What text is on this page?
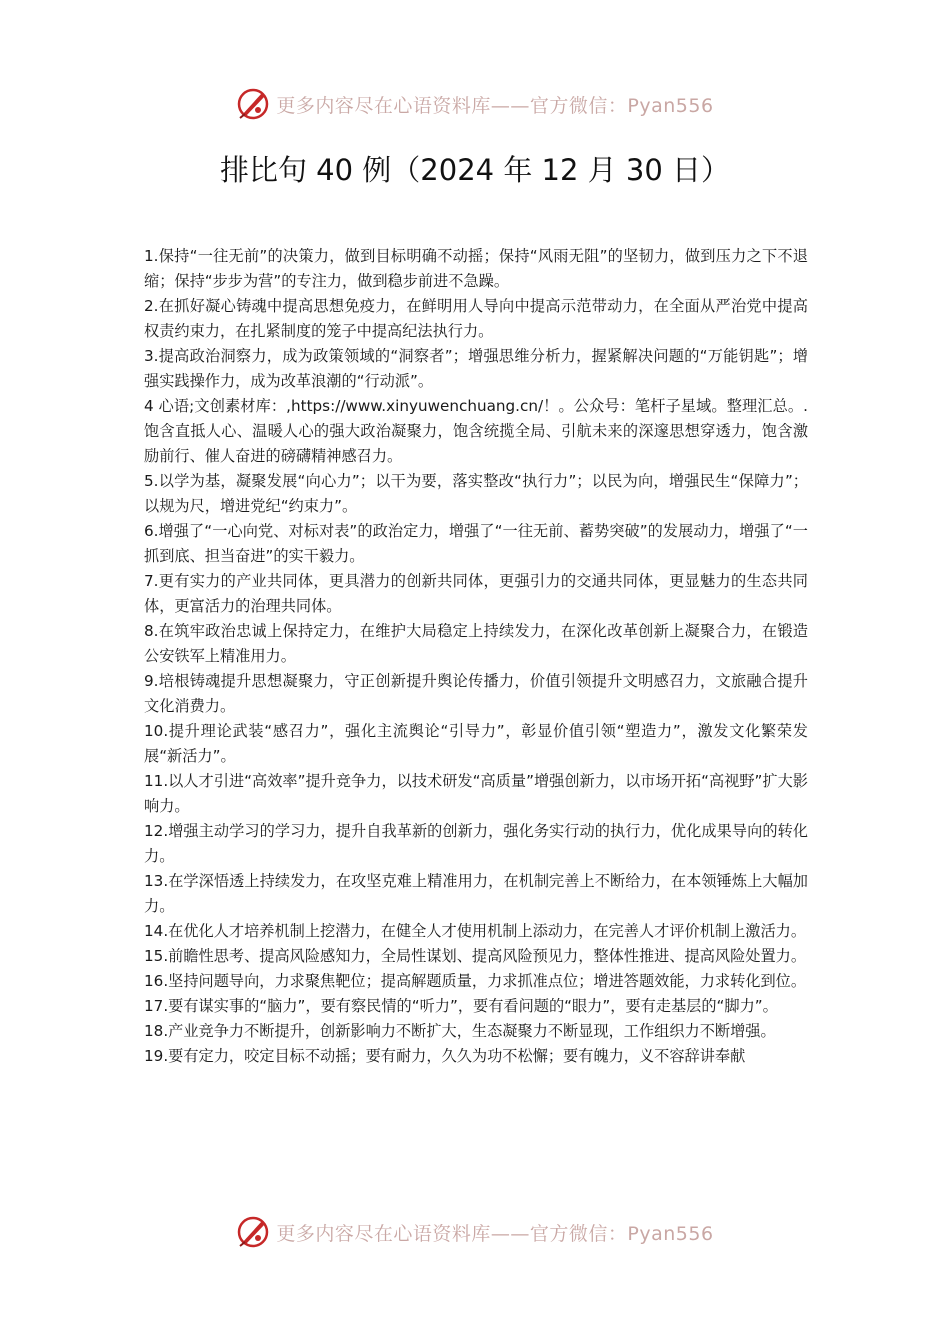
更多内容尽在心语资料库——官方微信：Pyan556
排比句 40 例（2024 年 12 月 30 日）

1.保持“一往无前”的决策力，做到目标明确不动摇；保持“风雨无阻”的坚韧力，做到压力之下不退缩；保持“步步为营”的专注力，做到稳步前进不急躁。

2.在抓好凝心铸魂中提高思想免疫力，在鲜明用人导向中提高示范带动力，在全面从严治党中提高权责约束力，在扎紧制度的笼子中提高纪法执行力。

3.提高政治洞察力，成为政策领域的“洞察者”；增强思维分析力，握紧解决问题的“万能钥匙”；增强实践操作力，成为改革浪潮的“行动派”。

4 心语;文创素材库：,https://www.xinyuwenchuang.cn/！。公众号：笔杆子星域。整理汇总。.饱含直抵人心、温暖人心的强大政治凝聚力，饱含统揽全局、引航未来的深邃思想穿透力，饱含激励前行、催人奋进的磅礴精神感召力。

5.以学为基，凝聚发展“向心力”；以干为要，落实整改“执行力”；以民为向，增强民生“保障力”；以规为尺，增进党纪“约束力”。

6.增强了“一心向党、对标对表”的政治定力，增强了“一往无前、蓄势突破”的发展动力，增强了“一抓到底、担当奋进”的实干毅力。

7.更有实力的产业共同体，更具潜力的创新共同体，更强引力的交通共同体，更显魅力的生态共同体，更富活力的治理共同体。

8.在筑牢政治忠诚上保持定力，在维护大局稳定上持续发力，在深化改革创新上凝聚合力，在锻造公安铁军上精准用力。

9.培根铸魂提升思想凝聚力，守正创新提升舆论传播力，价值引领提升文明感召力，文旅融合提升文化消费力。

10.提升理论武装“感召力”，强化主流舆论“引导力”，彰显价值引领“塑造力”，激发文化繁荣发展“新活力”。

11.以人才引进“高效率”提升竞争力，以技术研发“高质量”增强创新力，以市场开拓“高视野”扩大影响力。

12.增强主动学习的学习力，提升自我革新的创新力，强化务实行动的执行力，优化成果导向的转化力。

13.在学深悟透上持续发力，在攻坚克难上精准用力，在机制完善上不断给力，在本领锤炼上大幅加力。

14.在优化人才培养机制上挖潜力，在健全人才使用机制上添动力，在完善人才评价机制上激活力。

15.前瞻性思考、提高风险感知力，全局性谋划、提高风险预见力，整体性推进、提高风险处置力。

16.坚持问题导向，力求聚焦靶位；提高解题质量，力求抓准点位；增进答题效能，力求转化到位。

17.要有谋实事的“脑力”，要有察民情的“听力”，要有看问题的“眼力”，要有走基层的“脚力”。

18.产业竞争力不断提升，创新影响力不断扩大，生态凝聚力不断显现，工作组织力不断增强。

19.要有定力，咬定目标不动摇；要有耐力，久久为功不松懈；要有魄力，义不容辞讲奉献

更多内容尽在心语资料库——官方微信：Pyan556
